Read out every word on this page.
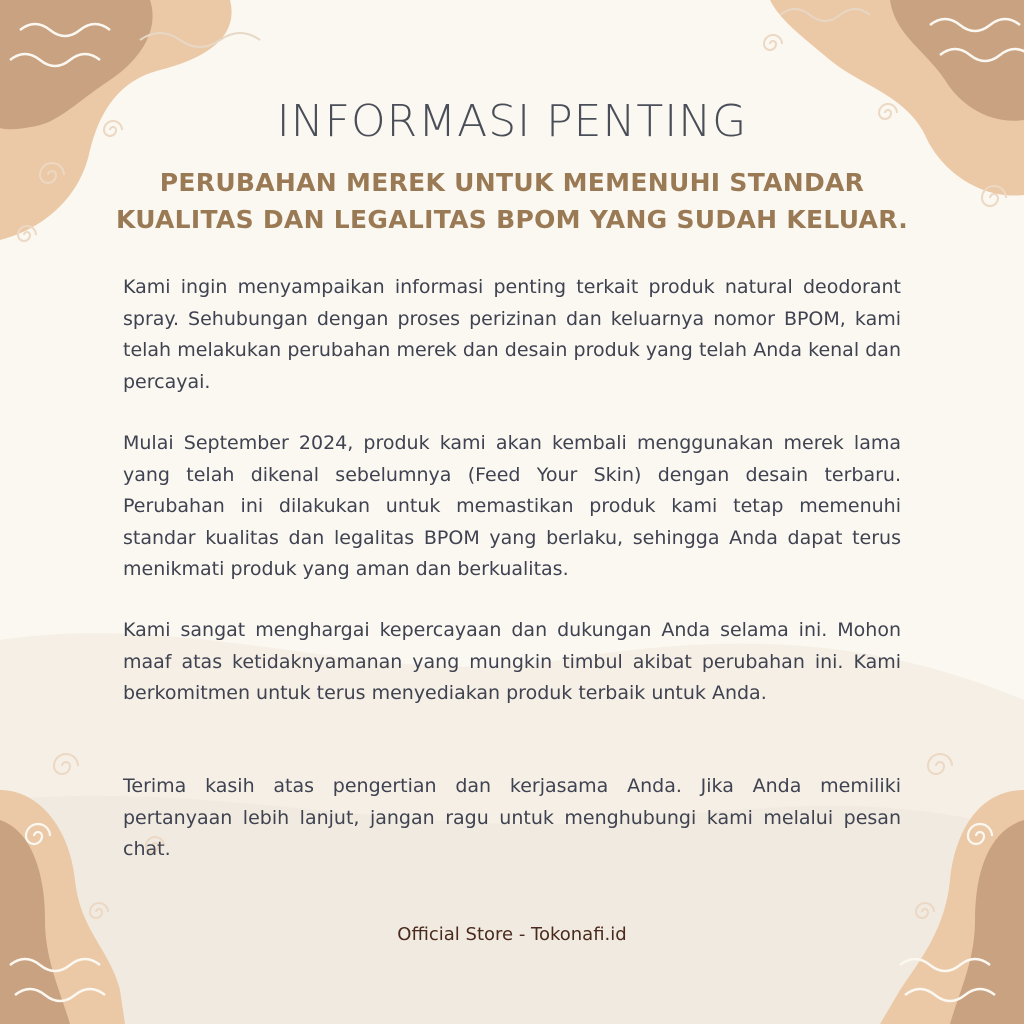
INFORMASI PENTING
PERUBAHAN MEREK UNTUK MEMENUHI STANDAR
KUALITAS DAN LEGALITAS BPOM YANG SUDAH KELUAR.

Kami ingin menyampaikan informasi penting terkait produk natural deodorant spray. Sehubungan dengan proses perizinan dan keluarnya nomor BPOM, kami telah melakukan perubahan merek dan desain produk yang telah Anda kenal dan percayai.

Mulai September 2024, produk kami akan kembali menggunakan merek lama yang telah dikenal sebelumnya (Feed Your Skin) dengan desain terbaru. Perubahan ini dilakukan untuk memastikan produk kami tetap memenuhi standar kualitas dan legalitas BPOM yang berlaku, sehingga Anda dapat terus menikmati produk yang aman dan berkualitas.

Kami sangat menghargai kepercayaan dan dukungan Anda selama ini. Mohon maaf atas ketidaknyamanan yang mungkin timbul akibat perubahan ini. Kami berkomitmen untuk terus menyediakan produk terbaik untuk Anda.

Terima kasih atas pengertian dan kerjasama Anda. Jika Anda memiliki pertanyaan lebih lanjut, jangan ragu untuk menghubungi kami melalui pesan chat.

Official Store - Tokonafi.id
